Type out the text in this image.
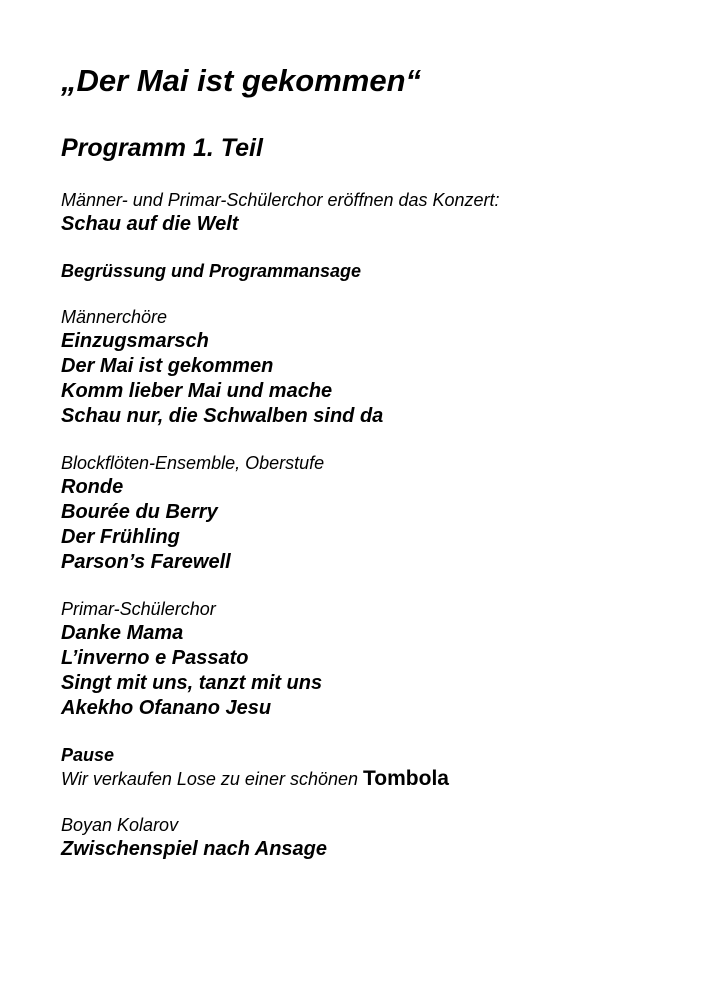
„Der Mai ist gekommen“
Programm 1. Teil
Männer- und Primar-Schülerchor eröffnen das Konzert:
Schau auf die Welt
Begrüssung und Programmansage
Männerchöre
Einzugsmarsch
Der Mai ist gekommen
Komm lieber Mai und mache
Schau nur, die Schwalben sind da
Blockflöten-Ensemble, Oberstufe
Ronde
Bourée du Berry
Der Frühling
Parson’s Farewell
Primar-Schülerchor
Danke Mama
L’inverno e Passato
Singt mit uns, tanzt mit uns
Akekho Ofanano Jesu
Pause
Wir verkaufen Lose zu einer schönen Tombola
Boyan Kolarov
Zwischenspiel nach Ansage
